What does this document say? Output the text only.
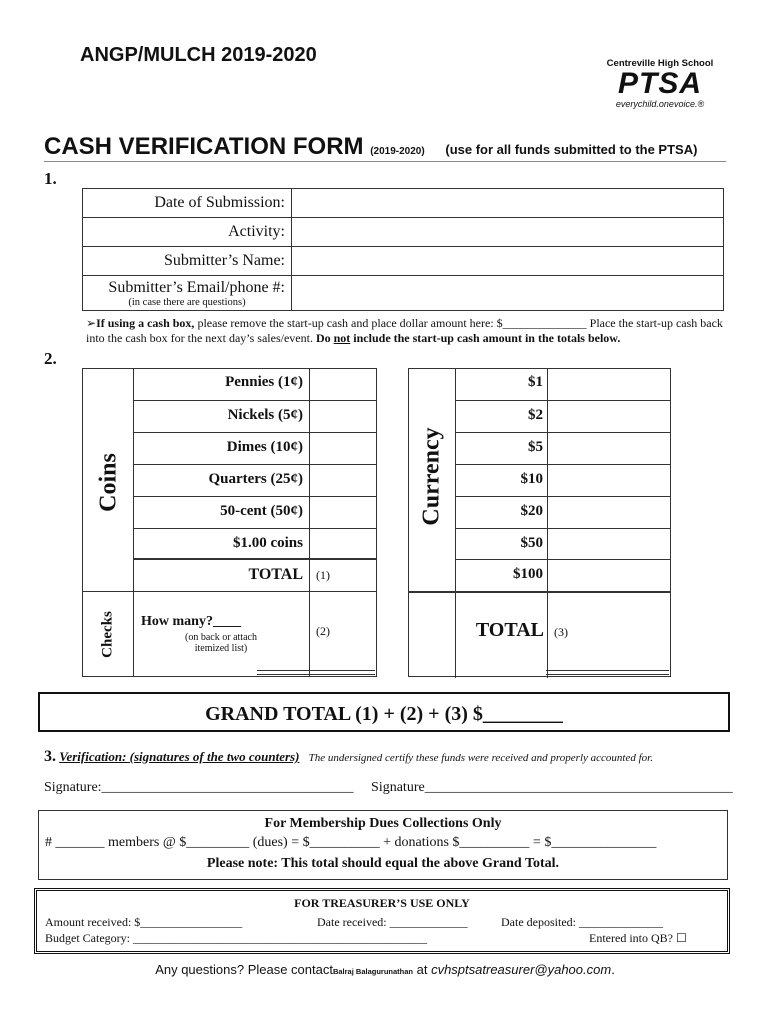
ANGP/MULCH 2019-2020	Centreville High School
PTSA
everychild.onevoice.®
CASH VERIFICATION FORM (2019-2020) (use for all funds submitted to the PTSA)
1.
Date of Submission:	
Activity:	
Submitter’s Name:	
Submitter’s Email/phone #:
(in case there are questions)	

➢If using a cash box, please remove the start-up cash and place dollar amount here: $______________ Place the start-up cash back into the cash box for the next day’s sales/event. Do not include the start-up cash amount in the totals below.
2.
Coins
Checks
Pennies (1¢)
Nickels (5¢)
Dimes (10¢)
Quarters (25¢)
50-cent (50¢)
$1.00 coins
TOTAL (1)
How many?____
(on back or attach itemized list)
(2)
Currency
$1
$2
$5
$10
$20
$50
$100
TOTAL (3)
GRAND TOTAL (1) + (2) + (3) $________
3. Verification: (signatures of the two counters) The undersigned certify these funds were received and properly accounted for.
Signature:____________________________________ Signature____________________________________________
For Membership Dues Collections Only
# _______ members @ $_________ (dues) = $__________ + donations $__________ = $_______________
Please note: This total should equal the above Grand Total.
FOR TREASURER’S USE ONLY
Amount received: $_________________	Date received: _____________	Date deposited: ______________
Budget Category: _________________________________________________	Entered into QB? ☐
Any questions? Please contactBalraj Balagurunathan at cvhsptsatreasurer@yahoo.com.
